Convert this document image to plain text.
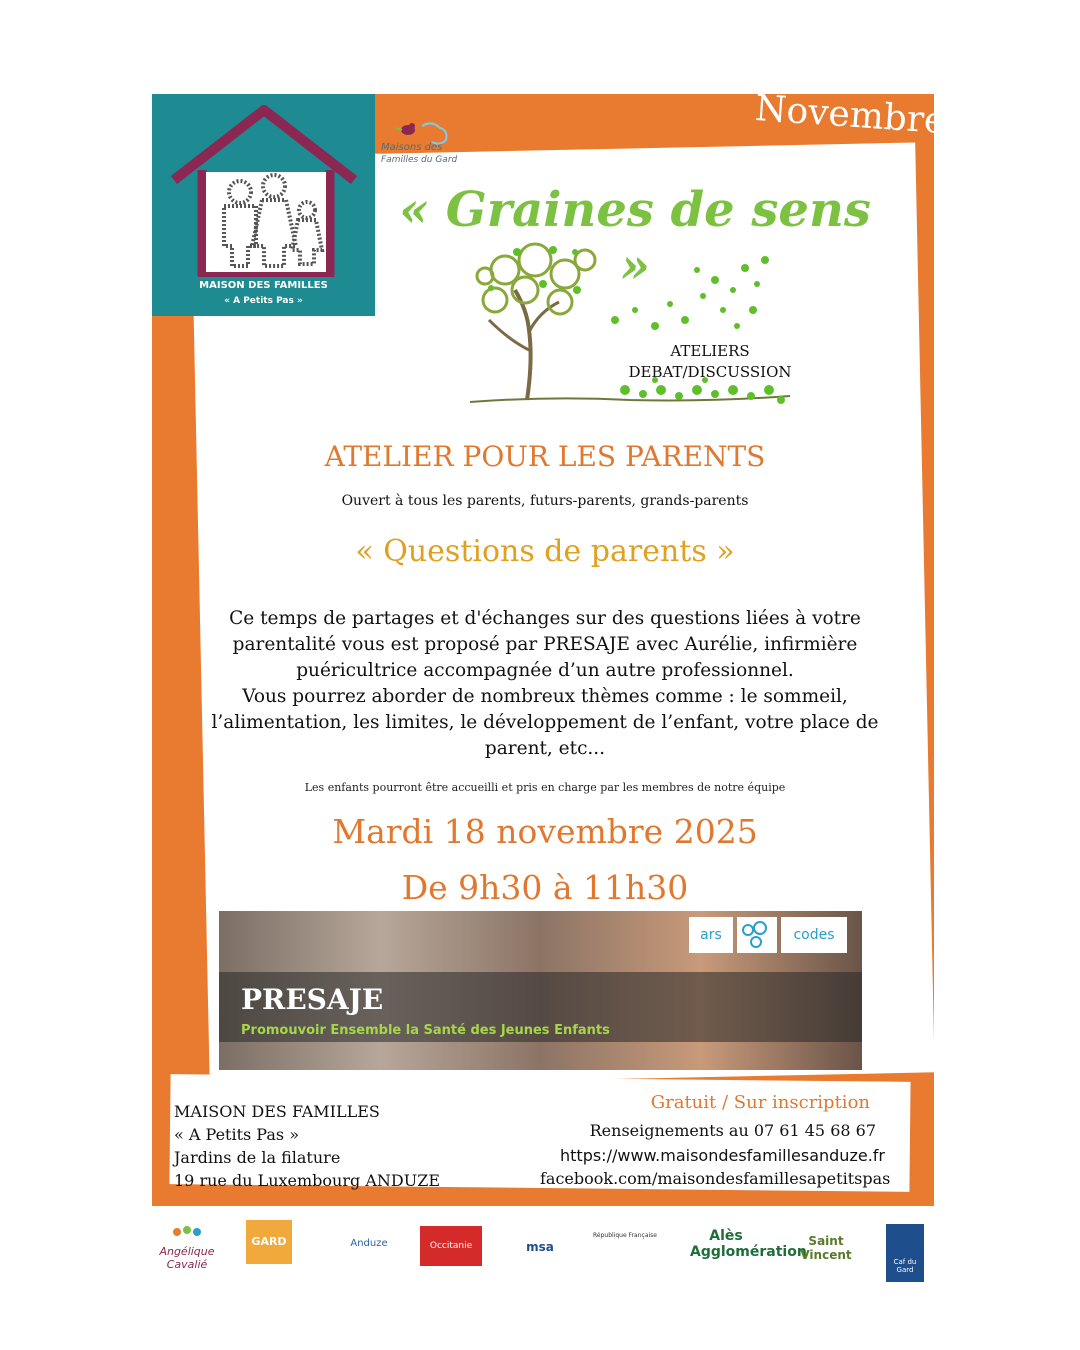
Novembre
MAISON DES FAMILLES
« A Petits Pas »
Maisons des
Familles du Gard
« Graines de sens »
ATELIERS
DEBAT/DISCUSSION
ATELIER POUR LES PARENTS
Ouvert à tous les parents, futurs-parents, grands-parents
« Questions de parents »
Ce temps de partages et d'échanges sur des questions liées à votre
parentalité vous est proposé par PRESAJE avec Aurélie, infirmière
puéricultrice accompagnée d’un autre professionnel.
Vous pourrez aborder de nombreux thèmes comme : le sommeil,
l’alimentation, les limites, le développement de l’enfant, votre place de
parent, etc...
Les enfants pourront être accueilli et pris en charge par les membres de notre équipe
Mardi 18 novembre 2025
De 9h30 à 11h30
PRESAJE
Promouvoir Ensemble la Santé des Jeunes Enfants
ars	codes
MAISON DES FAMILLES
« A Petits Pas »
Jardins de la filature
19 rue du Luxembourg ANDUZE
Gratuit / Sur inscription
Renseignements au 07 61 45 68 67
https://www.maisondesfamillesanduze.fr
facebook.com/maisondesfamillesapetitspas
Angélique Cavalié
GARD	Anduze	Occitanie	msa
République Française	Alès Agglomération
Saint Vincent	Caf du Gard
